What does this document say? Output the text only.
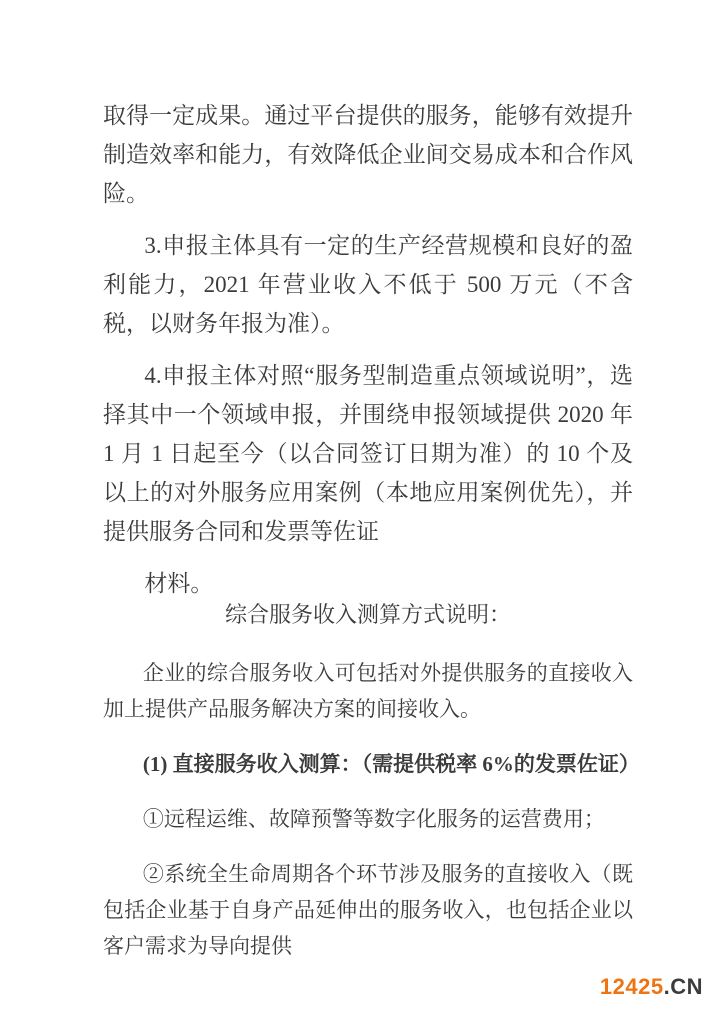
取得一定成果。通过平台提供的服务，能够有效提升制造效率和能力，有效降低企业间交易成本和合作风险。

3.申报主体具有一定的生产经营规模和良好的盈利能力，2021 年营业收入不低于 500 万元（不含税，以财务年报为准）。

4.申报主体对照“服务型制造重点领域说明”，选择其中一个领域申报，并围绕申报领域提供 2020 年 1 月 1 日起至今（以合同签订日期为准）的 10 个及以上的对外服务应用案例（本地应用案例优先），并提供服务合同和发票等佐证

材料。

综合服务收入测算方式说明：

企业的综合服务收入可包括对外提供服务的直接收入加上提供产品服务解决方案的间接收入。

(1) 直接服务收入测算：（需提供税率 6%的发票佐证）

①远程运维、故障预警等数字化服务的运营费用；

②系统全生命周期各个环节涉及服务的直接收入（既包括企业基于自身产品延伸出的服务收入，也包括企业以客户需求为导向提供

12425.CN
